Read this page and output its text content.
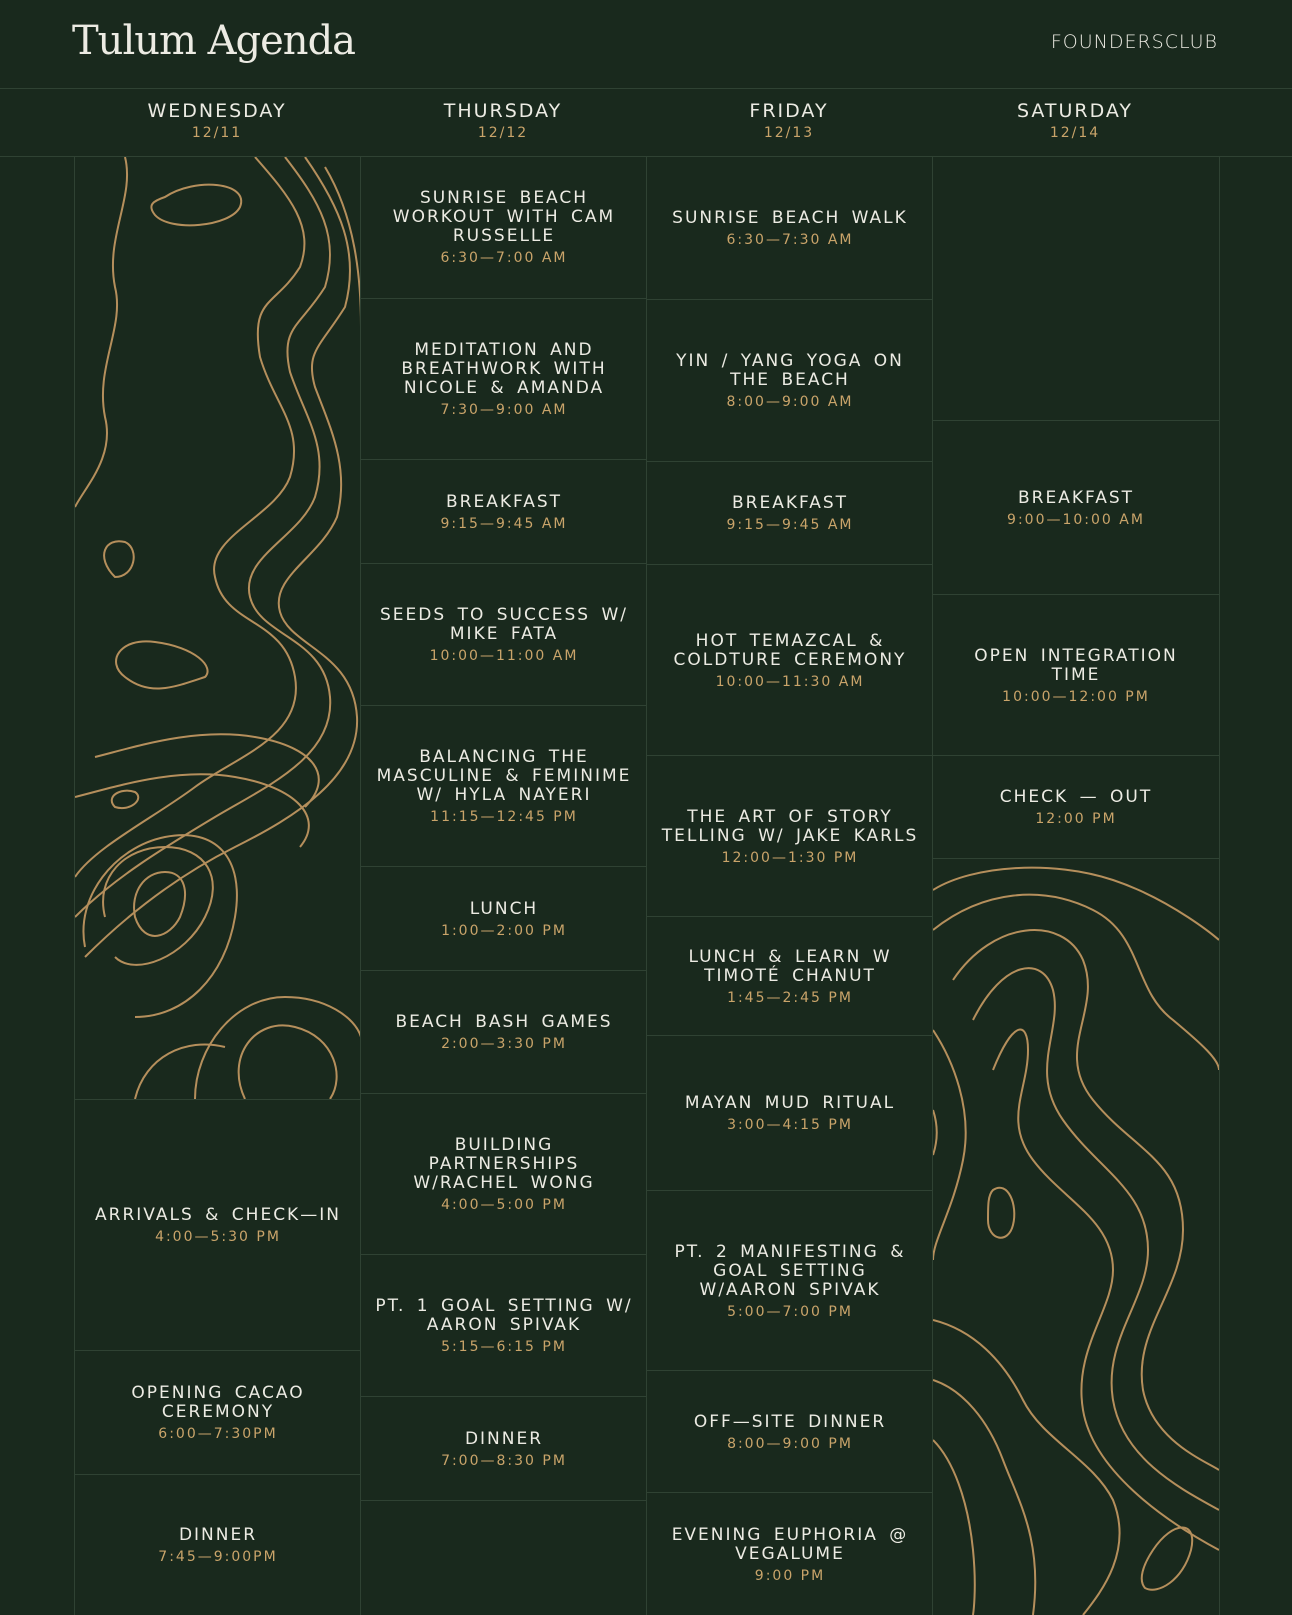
Tulum Agenda	FOUNDERSCLUB
WEDNESDAY
12/11
THURSDAY
12/12
FRIDAY
12/13
SATURDAY
12/14
ARRIVALS & CHECK—IN
4:00—5:30 PM
OPENING CACAO CEREMONY
6:00—7:30PM
DINNER
7:45—9:00PM
SUNRISE BEACH WORKOUT WITH CAM RUSSELLE
6:30—7:00 AM
MEDITATION AND BREATHWORK WITH NICOLE & AMANDA
7:30—9:00 AM
BREAKFAST
9:15—9:45 AM
SEEDS TO SUCCESS W/ MIKE FATA
10:00—11:00 AM
BALANCING THE MASCULINE & FEMINIME W/ HYLA NAYERI
11:15—12:45 PM
LUNCH
1:00—2:00 PM
BEACH BASH GAMES
2:00—3:30 PM
BUILDING PARTNERSHIPS W/RACHEL WONG
4:00—5:00 PM
PT. 1 GOAL SETTING W/ AARON SPIVAK
5:15—6:15 PM
DINNER
7:00—8:30 PM
SUNRISE BEACH WALK
6:30—7:30 AM
YIN / YANG YOGA ON THE BEACH
8:00—9:00 AM
BREAKFAST
9:15—9:45 AM
HOT TEMAZCAL & COLDTURE CEREMONY
10:00—11:30 AM
THE ART OF STORY TELLING W/ JAKE KARLS
12:00—1:30 PM
LUNCH & LEARN W TIMOTÉ CHANUT
1:45—2:45 PM
MAYAN MUD RITUAL
3:00—4:15 PM
PT. 2 MANIFESTING & GOAL SETTING W/AARON SPIVAK
5:00—7:00 PM
OFF—SITE DINNER
8:00—9:00 PM
EVENING EUPHORIA @ VEGALUME
9:00 PM
BREAKFAST
9:00—10:00 AM
OPEN INTEGRATION TIME
10:00—12:00 PM
CHECK — OUT
12:00 PM
